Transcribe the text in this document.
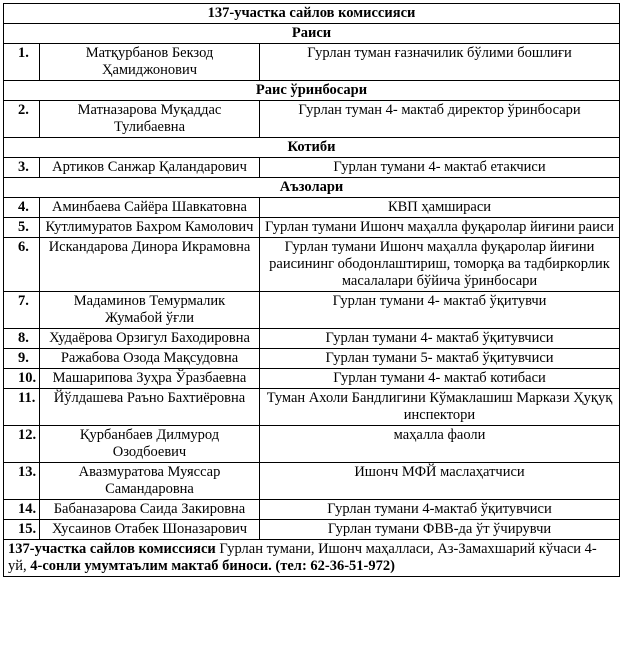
137-участка сайлов комиссияси		
Раиси		
1.	Матқурбанов Бекзод Ҳамиджонович	Гурлан туман ғазначилик бўлими бошлиғи
Раис ўринбосари		
2.	Матназарова Муқаддас Тулибаевна	Гурлан туман 4- мактаб директор ўринбосари
Котиби		
3.	Артиков Санжар Қаландарович	Гурлан тумани 4- мактаб етакчиси
Аъзолари		
4.	Аминбаева Сайёра Шавкатовна	КВП ҳамшираси
5.	Кутлимуратов Бахром Камолович	Гурлан тумани Ишонч маҳалла фуқаролар йиғини раиси
6.	Искандарова Динора Икрамовна	Гурлан тумани Ишонч маҳалла фуқаролар йиғини раисининг ободонлаштириш, томорқа ва тадбиркорлик масалалари бўйича ўринбосари
7.	Мадаминов Темурмалик Жумабой ўғли	Гурлан тумани 4- мактаб ўқитувчи
8.	Худаёрова Орзигул Баходировна	Гурлан тумани 4- мактаб ўқитувчиси
9.	Ражабова Озода Мақсудовна	Гурлан тумани 5- мактаб ўқитувчиси
10.	Машарипова Зуҳра Ўразбаевна	Гурлан тумани 4- мактаб котибаси
11.	Йўлдашева Раъно Бахтиёровна	Туман Ахоли Бандлигини Кўмаклашиш Маркази Ҳуқуқ инспектори
12.	Қурбанбаев Дилмурод Озодбоевич	маҳалла фаоли
13.	Авазмуратова Муяссар Самандаровна	Ишонч МФЙ маслаҳатчиси
14.	Бабаназарова Саида Закировна	Гурлан тумани 4-мактаб ўқитувчиси
15.	Хусаинов Отабек Шоназарович	Гурлан тумани ФВВ-да ўт ўчирувчи
137-участка сайлов комиссияси Гурлан тумани, Ишонч маҳалласи, Аз-Замахшарий кўчаси 4-уй, 4-сонли умумтаълим мактаб биноси. (тел: 62-36-51-972)		
